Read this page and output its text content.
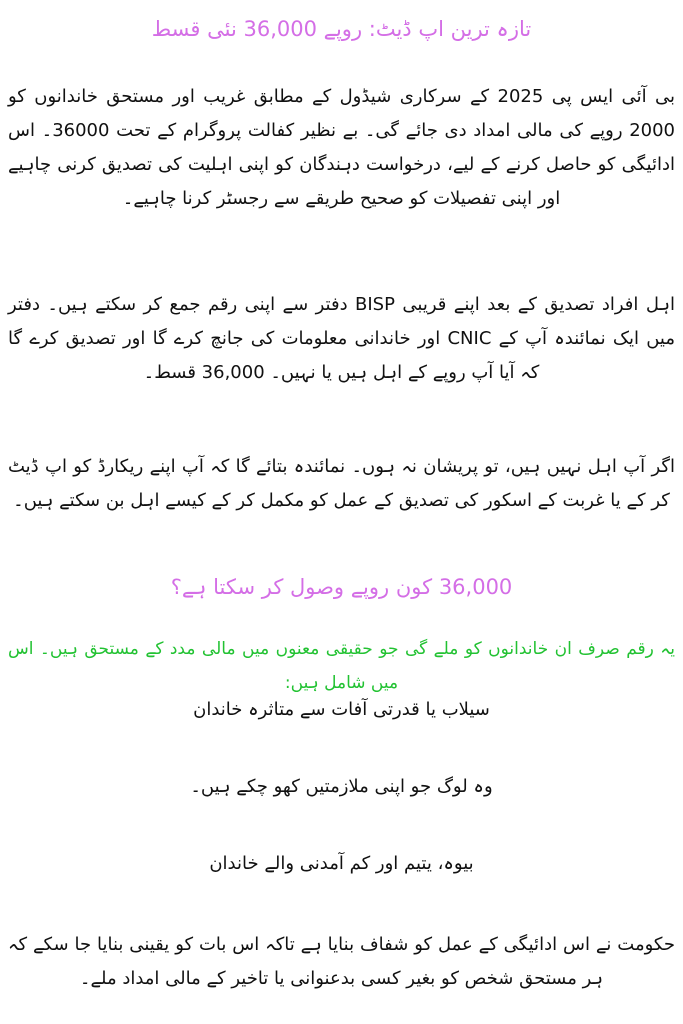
تازہ ترین اپ ڈیٹ: روپے 36,000 نئی قسط

بی آئی ایس پی 2025 کے سرکاری شیڈول کے مطابق غریب اور مستحق خاندانوں کو 2000 روپے کی مالی امداد دی جائے گی۔ بے نظیر کفالت پروگرام کے تحت 36000۔ اس ادائیگی کو حاصل کرنے کے لیے، درخواست دہندگان کو اپنی اہلیت کی تصدیق کرنی چاہیے اور اپنی تفصیلات کو صحیح طریقے سے رجسٹر کرنا چاہیے۔

اہل افراد تصدیق کے بعد اپنے قریبی BISP دفتر سے اپنی رقم جمع کر سکتے ہیں۔ دفتر میں ایک نمائندہ آپ کے CNIC اور خاندانی معلومات کی جانچ کرے گا اور تصدیق کرے گا کہ آیا آپ روپے کے اہل ہیں یا نہیں۔ 36,000 قسط۔

اگر آپ اہل نہیں ہیں، تو پریشان نہ ہوں۔ نمائندہ بتائے گا کہ آپ اپنے ریکارڈ کو اپ ڈیٹ کر کے یا غربت کے اسکور کی تصدیق کے عمل کو مکمل کر کے کیسے اہل بن سکتے ہیں۔

36,000 کون روپے وصول کر سکتا ہے؟
یہ رقم صرف ان خاندانوں کو ملے گی جو حقیقی معنوں میں مالی مدد کے مستحق ہیں۔ اس میں شامل ہیں:
سیلاب یا قدرتی آفات سے متاثرہ خاندان
وہ لوگ جو اپنی ملازمتیں کھو چکے ہیں۔
بیوہ، یتیم اور کم آمدنی والے خاندان

حکومت نے اس ادائیگی کے عمل کو شفاف بنایا ہے تاکہ اس بات کو یقینی بنایا جا سکے کہ ہر مستحق شخص کو بغیر کسی بدعنوانی یا تاخیر کے مالی امداد ملے۔
